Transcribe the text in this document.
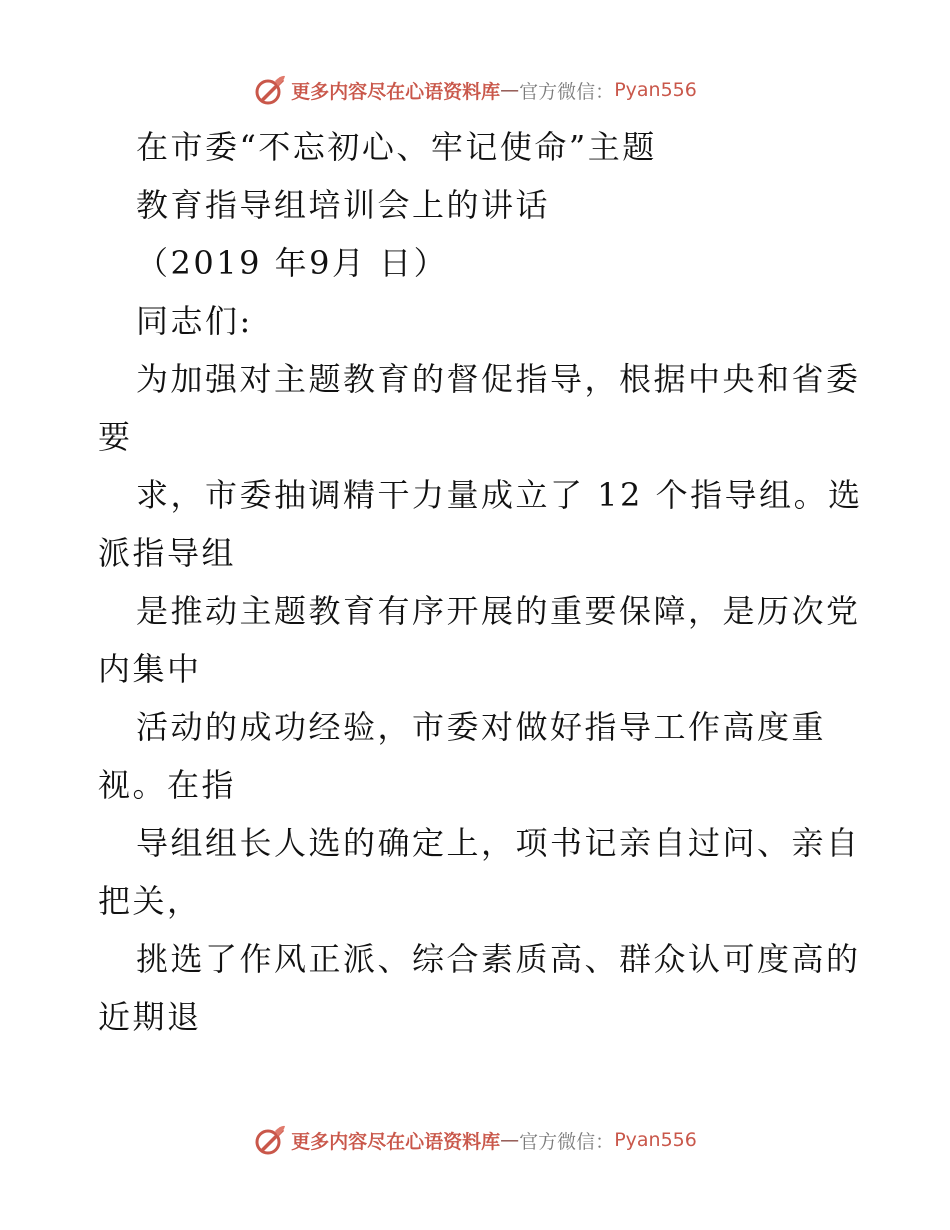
更多内容尽在心语资料库 — 官方微信： Pyan556

在市委“不忘初心、牢记使命”主题

教育指导组培训会上的讲话

（2019 年9月 日）

同志们:

为加强对主题教育的督促指导，根据中央和省委

要

求，市委抽调精干力量成立了 12 个指导组。选

派指导组

是推动主题教育有序开展的重要保障，是历次党

内集中

活动的成功经验，市委对做好指导工作高度重

视。在指

导组组长人选的确定上，项书记亲自过问、亲自

把关，

挑选了作风正派、综合素质高、群众认可度高的

近期退

更多内容尽在心语资料库 — 官方微信： Pyan556
